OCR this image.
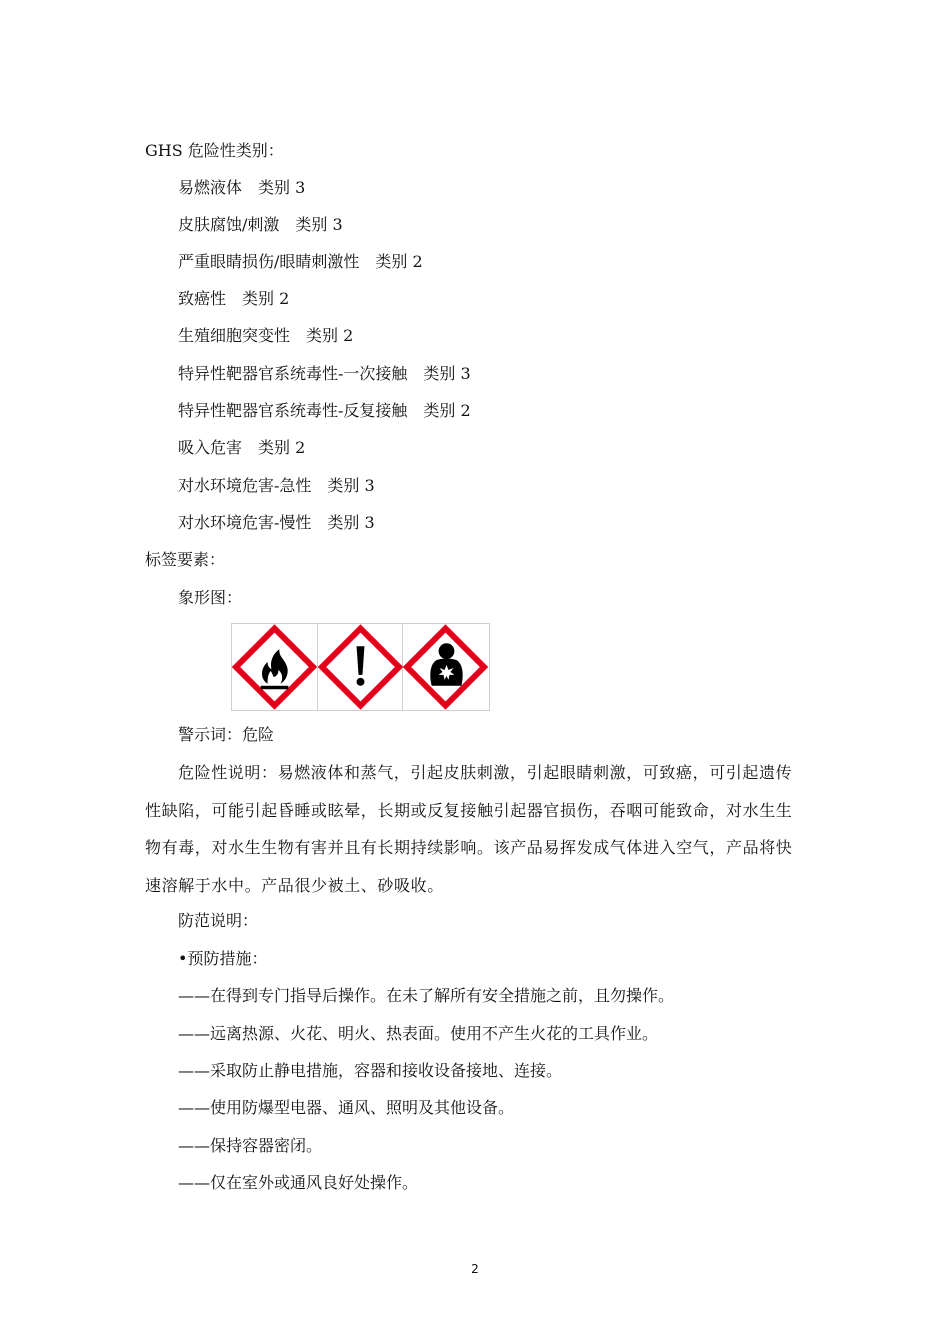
GHS 危险性类别：
易燃液体 类别 3
皮肤腐蚀/刺激 类别 3
严重眼睛损伤/眼睛刺激性 类别 2
致癌性 类别 2
生殖细胞突变性 类别 2
特异性靶器官系统毒性-一次接触 类别 3
特异性靶器官系统毒性-反复接触 类别 2
吸入危害 类别 2
对水环境危害-急性 类别 3
对水环境危害-慢性 类别 3
标签要素：
象形图：
警示词：危险
危险性说明：易燃液体和蒸气，引起皮肤刺激，引起眼睛刺激，可致癌，可引起遗传性缺陷，可能引起昏睡或眩晕，长期或反复接触引起器官损伤，吞咽可能致命，对水生生物有毒，对水生生物有害并且有长期持续影响。该产品易挥发成气体进入空气，产品将快速溶解于水中。产品很少被土、砂吸收。
防范说明：
•预防措施：
——在得到专门指导后操作。在未了解所有安全措施之前，且勿操作。
——远离热源、火花、明火、热表面。使用不产生火花的工具作业。
——采取防止静电措施，容器和接收设备接地、连接。
——使用防爆型电器、通风、照明及其他设备。
——保持容器密闭。
——仅在室外或通风良好处操作。
2
